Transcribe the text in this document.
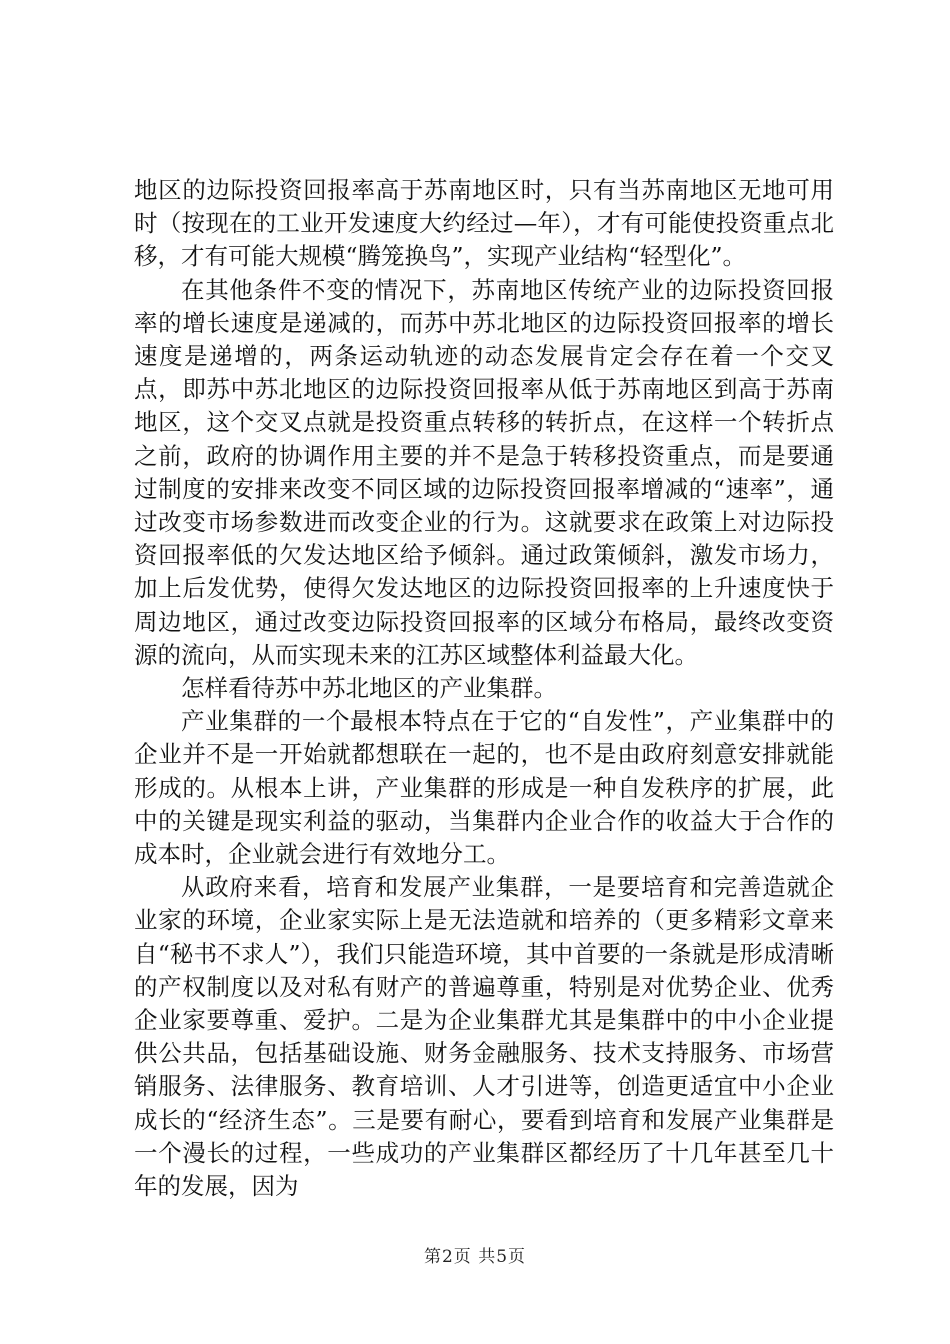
地区的边际投资回报率高于苏南地区时，只有当苏南地区无地可用时（按现在的工业开发速度大约经过—年），才有可能使投资重点北移，才有可能大规模“腾笼换鸟”，实现产业结构“轻型化”。

在其他条件不变的情况下，苏南地区传统产业的边际投资回报率的增长速度是递减的，而苏中苏北地区的边际投资回报率的增长速度是递增的，两条运动轨迹的动态发展肯定会存在着一个交叉点，即苏中苏北地区的边际投资回报率从低于苏南地区到高于苏南地区，这个交叉点就是投资重点转移的转折点，在这样一个转折点之前，政府的协调作用主要的并不是急于转移投资重点，而是要通过制度的安排来改变不同区域的边际投资回报率增减的“速率”，通过改变市场参数进而改变企业的行为。这就要求在政策上对边际投资回报率低的欠发达地区给予倾斜。通过政策倾斜，激发市场力，加上后发优势，使得欠发达地区的边际投资回报率的上升速度快于周边地区，通过改变边际投资回报率的区域分布格局，最终改变资源的流向，从而实现未来的江苏区域整体利益最大化。

怎样看待苏中苏北地区的产业集群。

产业集群的一个最根本特点在于它的“自发性”，产业集群中的企业并不是一开始就都想联在一起的，也不是由政府刻意安排就能形成的。从根本上讲，产业集群的形成是一种自发秩序的扩展，此中的关键是现实利益的驱动，当集群内企业合作的收益大于合作的成本时，企业就会进行有效地分工。

从政府来看，培育和发展产业集群，一是要培育和完善造就企业家的环境，企业家实际上是无法造就和培养的（更多精彩文章来自“秘书不求人”），我们只能造环境，其中首要的一条就是形成清晰的产权制度以及对私有财产的普遍尊重，特别是对优势企业、优秀企业家要尊重、爱护。二是为企业集群尤其是集群中的中小企业提供公共品，包括基础设施、财务金融服务、技术支持服务、市场营销服务、法律服务、教育培训、人才引进等，创造更适宜中小企业成长的“经济生态”。三是要有耐心，要看到培育和发展产业集群是一个漫长的过程，一些成功的产业集群区都经历了十几年甚至几十年的发展，因为

第2页 共5页
